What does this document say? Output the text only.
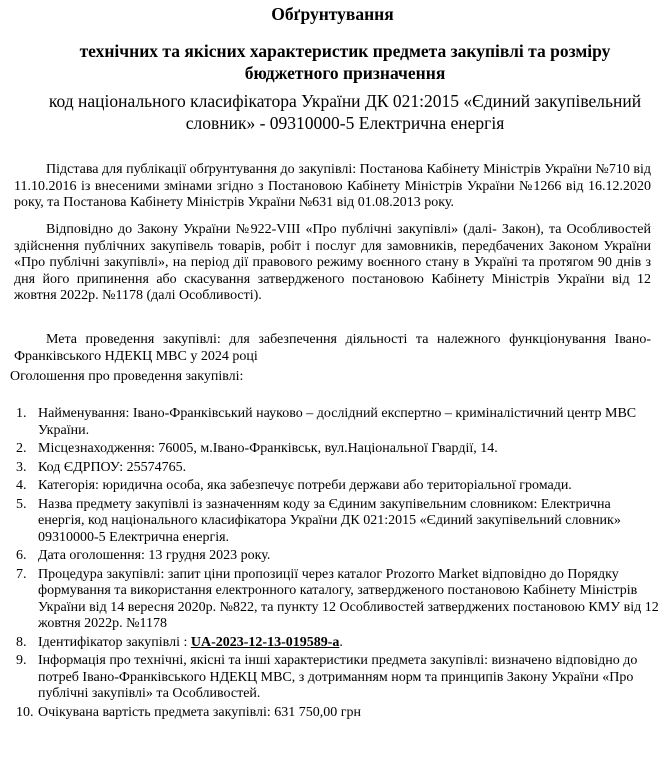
Обґрунтування
технічних та якісних характеристик предмета закупівлі та розміру бюджетного призначення
код національного класифікатора України ДК 021:2015 «Єдиний закупівельний словник» - 09310000-5 Електрична енергія
Підстава для публікації обґрунтування до закупівлі: Постанова Кабінету Міністрів України №710 від 11.10.2016 із внесеними змінами згідно з Постановою Кабінету Міністрів України №1266 від 16.12.2020 року, та Постанова Кабінету Міністрів України №631 від 01.08.2013 року.
Відповідно до Закону України №922-VIII «Про публічні закупівлі» (далі- Закон), та Особливостей здійснення публічних закупівель товарів, робіт і послуг для замовників, передбачених Законом України «Про публічні закупівлі», на період дії правового режиму воєнного стану в Україні та протягом 90 днів з дня його припинення або скасування затвердженого постановою Кабінету Міністрів України від 12 жовтня 2022р. №1178 (далі Особливості).
Мета проведення закупівлі: для забезпечення діяльності та належного функціонування Івано-Франківського НДЕКЦ МВС у 2024 році
Оголошення про проведення закупівлі:
1. Найменування: Івано-Франківський науково – дослідний експертно – криміналістичний центр МВС України.
2. Місцезнаходження: 76005, м.Івано-Франківськ, вул.Національної Гвардії, 14.
3. Код ЄДРПОУ: 25574765.
4. Категорія: юридична особа, яка забезпечує потреби держави або територіальної громади.
5. Назва предмету закупівлі із зазначенням коду за Єдиним закупівельним словником: Електрична енергія, код національного класифікатора України ДК 021:2015 «Єдиний закупівельний словник» 09310000-5 Електрична енергія.
6. Дата оголошення: 13 грудня 2023 року.
7. Процедура закупівлі: запит ціни пропозиції через каталог Prozorro Market відповідно до Порядку формування та використання електронного каталогу, затвердженого постановою Кабінету Міністрів України від 14 вересня 2020р. №822, та пункту 12 Особливостей затверджених постановою КМУ від 12 жовтня 2022р. №1178
8. Ідентифікатор закупівлі : UA-2023-12-13-019589-a.
9. Інформація про технічні, якісні та інші характеристики предмета закупівлі: визначено відповідно до потреб Івано-Франківського НДЕКЦ МВС, з дотриманням норм та принципів Закону України «Про публічні закупівлі» та Особливостей.
10. Очікувана вартість предмета закупівлі: 631 750,00 грн
